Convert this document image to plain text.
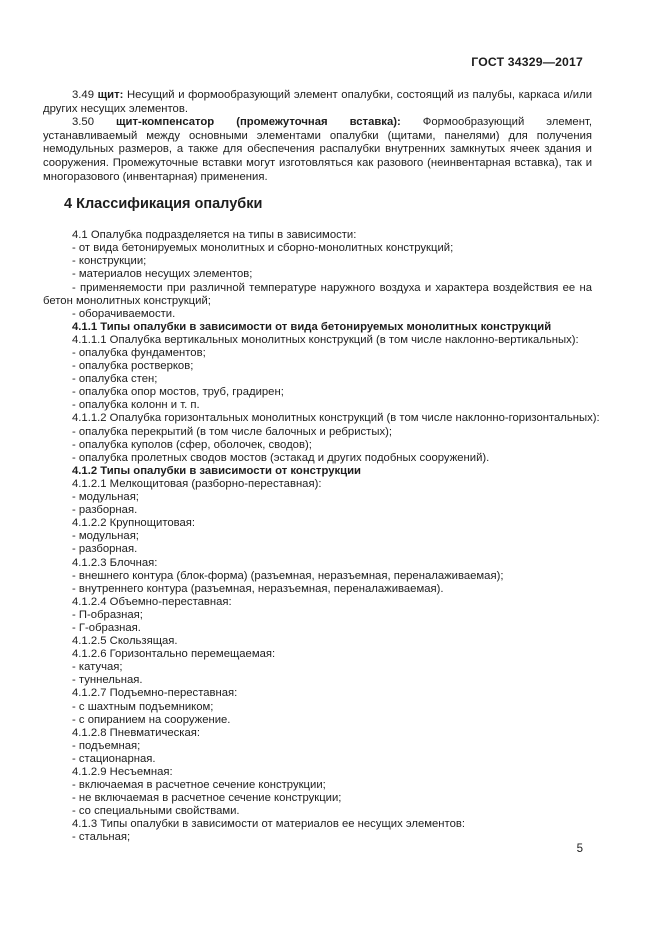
ГОСТ 34329—2017

3.49 щит: Несущий и формообразующий элемент опалубки, состоящий из палубы, каркаса и/или других несущих элементов.

3.50 щит-компенсатор (промежуточная вставка): Формообразующий элемент, устанавливаемый между основными элементами опалубки (щитами, панелями) для получения немодульных размеров, а также для обеспечения распалубки внутренних замкнутых ячеек здания и сооружения. Промежуточные вставки могут изготовляться как разового (неинвентарная вставка), так и многоразового (инвентарная) применения.

4 Классификация опалубки
4.1 Опалубка подразделяется на типы в зависимости:
- от вида бетонируемых монолитных и сборно-монолитных конструкций;
- конструкции;
- материалов несущих элементов;
- применяемости при различной температуре наружного воздуха и характера воздействия ее на бетон монолитных конструкций;
- оборачиваемости.
4.1.1 Типы опалубки в зависимости от вида бетонируемых монолитных конструкций
4.1.1.1 Опалубка вертикальных монолитных конструкций (в том числе наклонно-вертикальных):
- опалубка фундаментов;
- опалубка ростверков;
- опалубка стен;
- опалубка опор мостов, труб, градирен;
- опалубка колонн и т. п.
4.1.1.2 Опалубка горизонтальных монолитных конструкций (в том числе наклонно-горизонтальных):
- опалубка перекрытий (в том числе балочных и ребристых);
- опалубка куполов (сфер, оболочек, сводов);
- опалубка пролетных сводов мостов (эстакад и других подобных сооружений).
4.1.2 Типы опалубки в зависимости от конструкции
4.1.2.1 Мелкощитовая (разборно-переставная):
- модульная;
- разборная.
4.1.2.2 Крупнощитовая:
- модульная;
- разборная.
4.1.2.3 Блочная:
- внешнего контура (блок-форма) (разъемная, неразъемная, переналаживаемая);
- внутреннего контура (разъемная, неразъемная, переналаживаемая).
4.1.2.4 Объемно-переставная:
- П-образная;
- Г-образная.
4.1.2.5 Скользящая.
4.1.2.6 Горизонтально перемещаемая:
- катучая;
- туннельная.
4.1.2.7 Подъемно-переставная:
- с шахтным подъемником;
- с опиранием на сооружение.
4.1.2.8 Пневматическая:
- подъемная;
- стационарная.
4.1.2.9 Несъемная:
- включаемая в расчетное сечение конструкции;
- не включаемая в расчетное сечение конструкции;
- со специальными свойствами.
4.1.3 Типы опалубки в зависимости от материалов ее несущих элементов:
- стальная;
5
